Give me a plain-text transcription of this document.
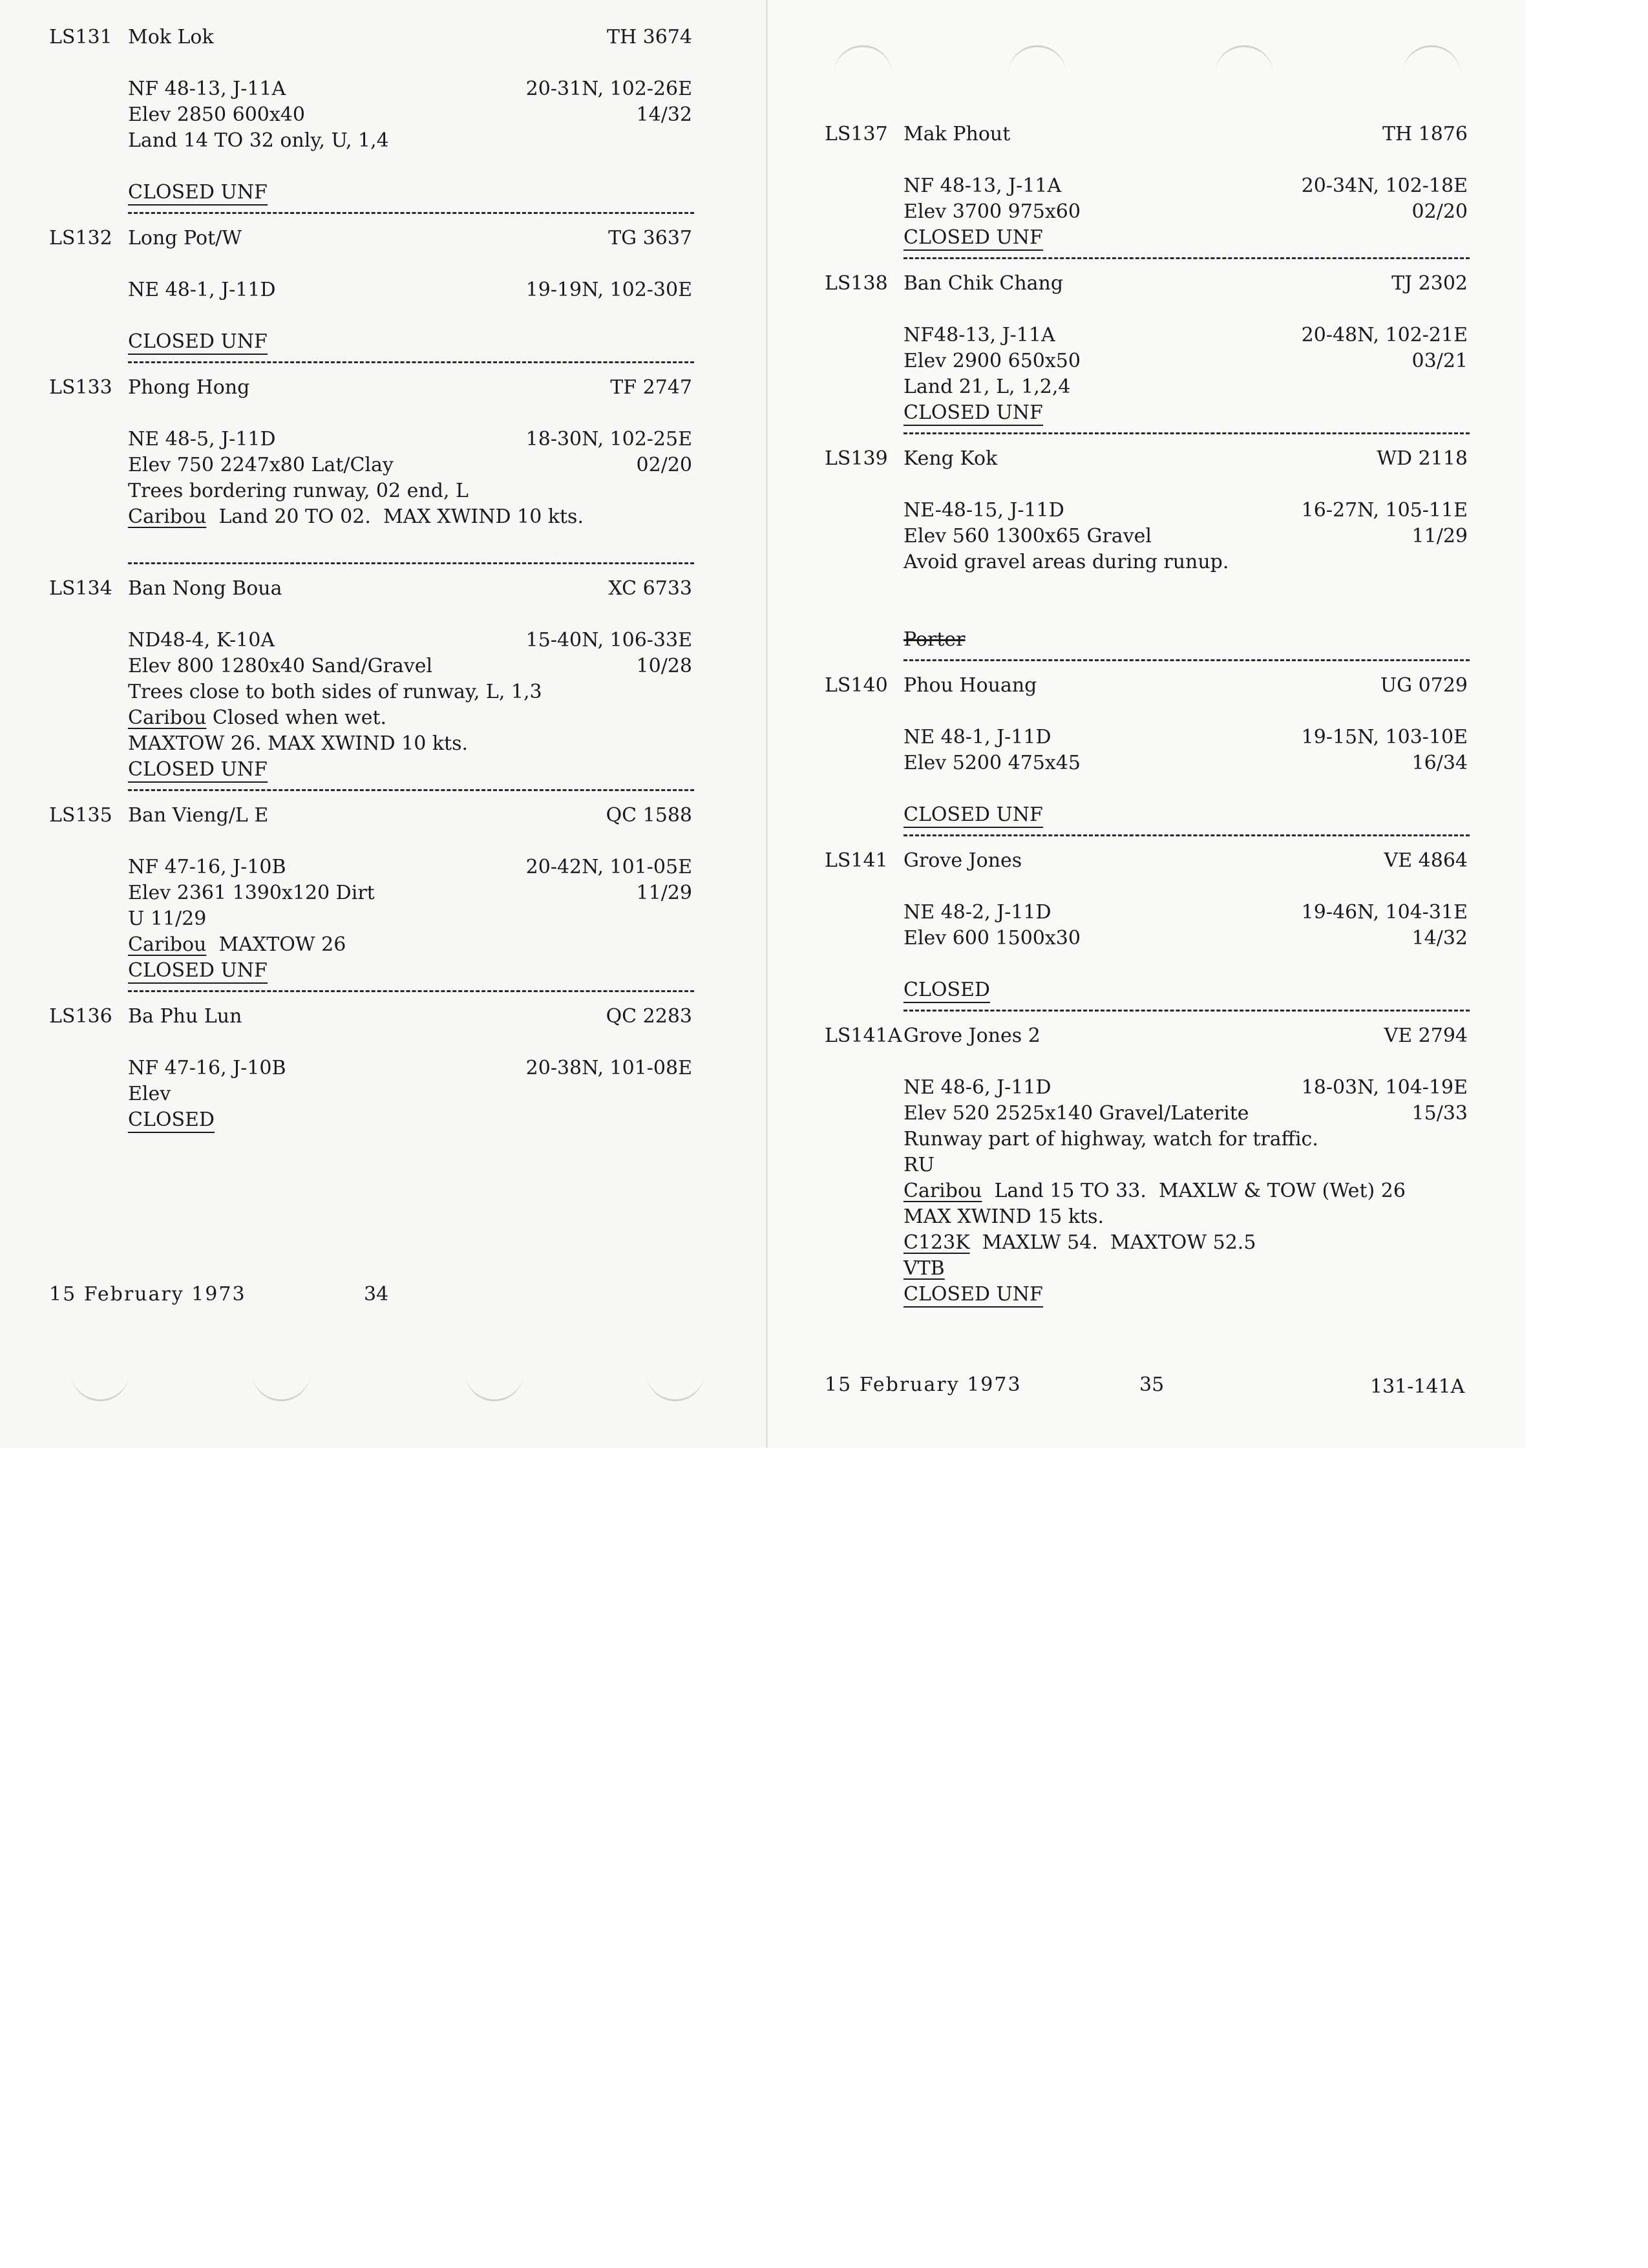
LS131 Mok Lok	TH 3674
NF 48-13, J-11A	20-31N, 102-26E
Elev 2850 600x40	14/32
Land 14 TO 32 only, U, 1,4
CLOSED UNF
LS132 Long Pot/W	TG 3637
NE 48-1, J-11D	19-19N, 102-30E
CLOSED UNF
LS133 Phong Hong	TF 2747
NE 48-5, J-11D	18-30N, 102-25E
Elev 750 2247x80 Lat/Clay	02/20
Trees bordering runway, 02 end, L
Caribou  Land 20 TO 02.  MAX XWIND 10 kts.
LS134 Ban Nong Boua	XC 6733
ND48-4, K-10A	15-40N, 106-33E
Elev 800 1280x40 Sand/Gravel	10/28
Trees close to both sides of runway, L, 1,3
Caribou Closed when wet.
MAXTOW 26. MAX XWIND 10 kts.
CLOSED UNF
LS135 Ban Vieng/L E	QC 1588
NF 47-16, J-10B	20-42N, 101-05E
Elev 2361 1390x120 Dirt	11/29
U 11/29
Caribou  MAXTOW 26
CLOSED UNF
LS136 Ba Phu Lun	QC 2283
NF 47-16, J-10B	20-38N, 101-08E
Elev
CLOSED
15 February 1973	34
LS137 Mak Phout	TH 1876
NF 48-13, J-11A	20-34N, 102-18E
Elev 3700 975x60	02/20
CLOSED UNF
LS138 Ban Chik Chang	TJ 2302
NF48-13, J-11A	20-48N, 102-21E
Elev 2900 650x50	03/21
Land 21, L, 1,2,4
CLOSED UNF
LS139 Keng Kok	WD 2118
NE-48-15, J-11D	16-27N, 105-11E
Elev 560 1300x65 Gravel	11/29
Avoid gravel areas during runup.
Porter
LS140 Phou Houang	UG 0729
NE 48-1, J-11D	19-15N, 103-10E
Elev 5200 475x45	16/34
CLOSED UNF
LS141 Grove Jones	VE 4864
NE 48-2, J-11D	19-46N, 104-31E
Elev 600 1500x30	14/32
CLOSED
LS141A Grove Jones 2	VE 2794
NE 48-6, J-11D	18-03N, 104-19E
Elev 520 2525x140 Gravel/Laterite	15/33
Runway part of highway, watch for traffic.
RU
Caribou  Land 15 TO 33.  MAXLW & TOW (Wet) 26
MAX XWIND 15 kts.
C123K  MAXLW 54.  MAXTOW 52.5
VTB
CLOSED UNF
15 February 1973	35	131-141A
